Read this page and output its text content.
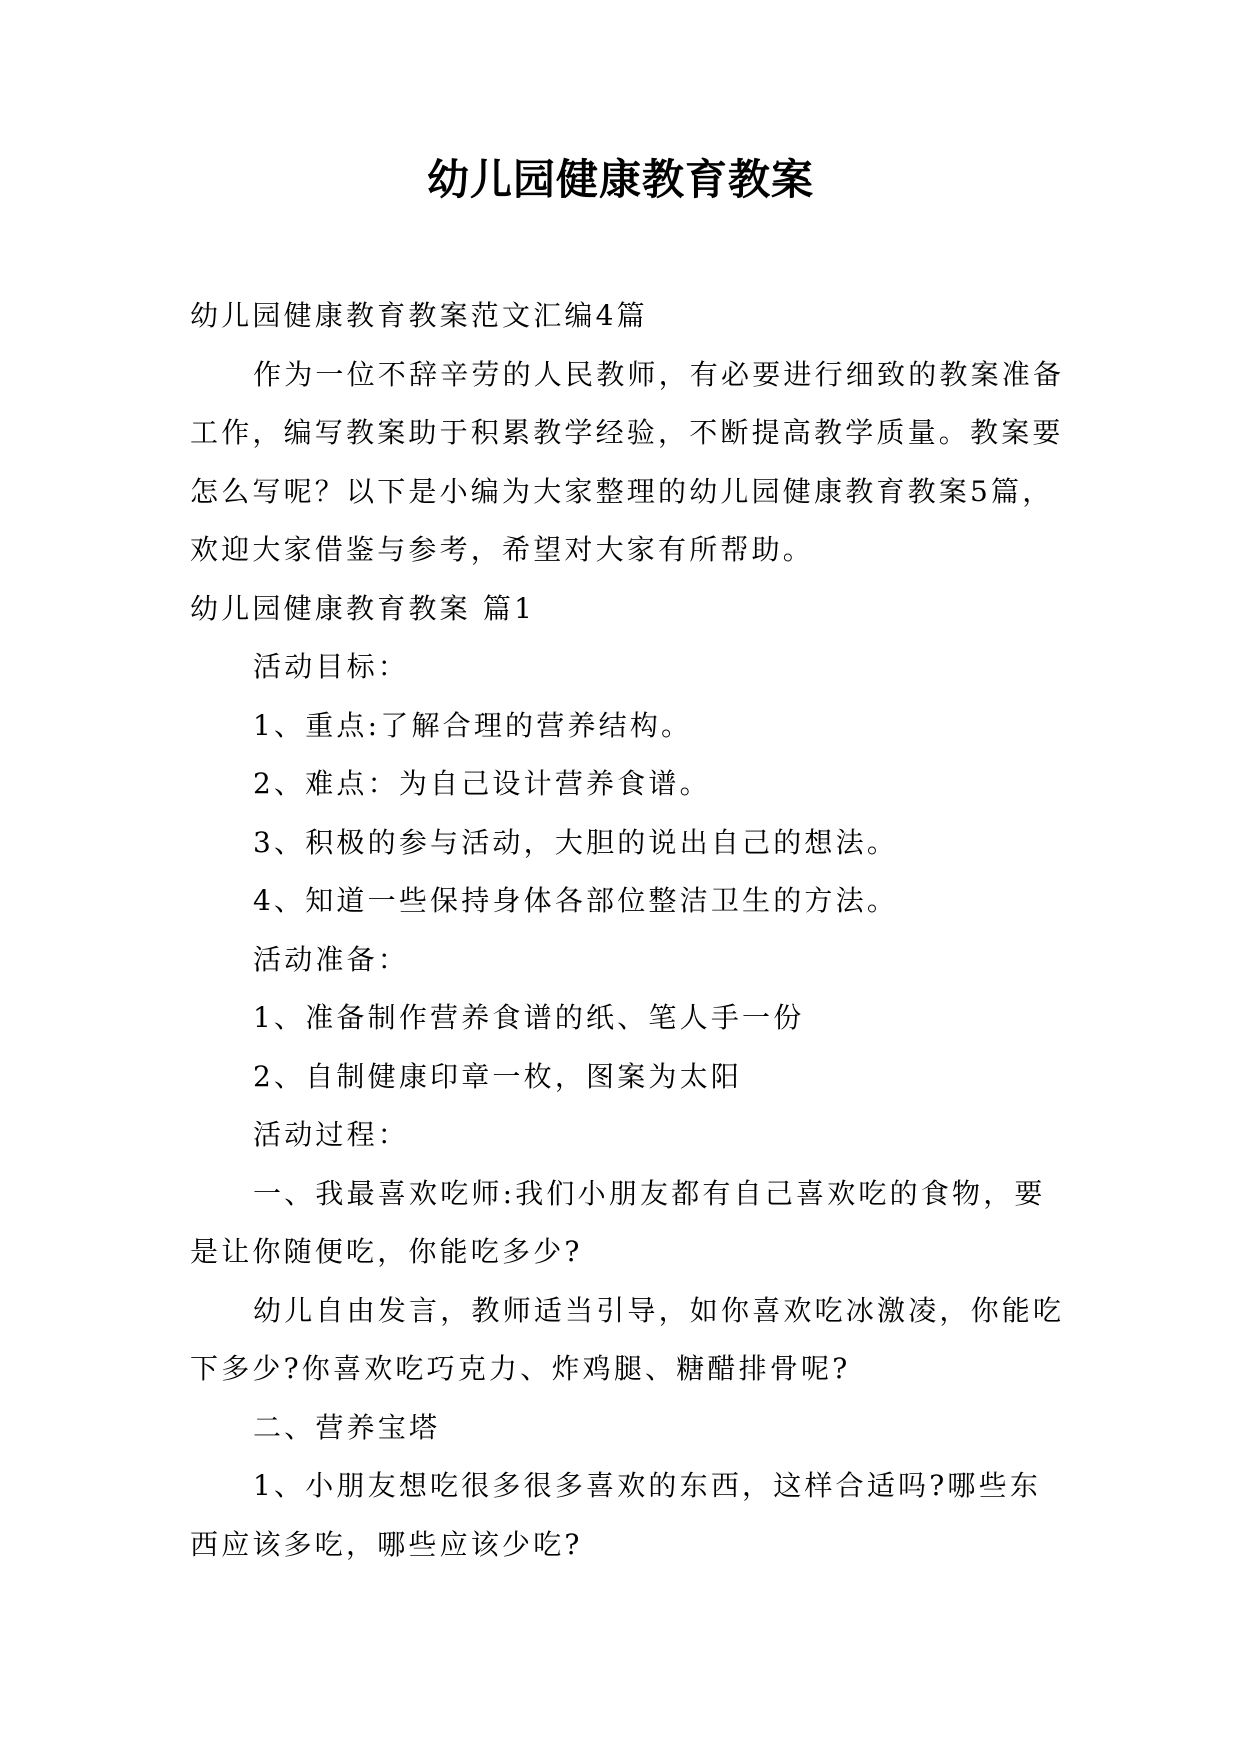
幼儿园健康教育教案

幼儿园健康教育教案范文汇编4篇

作为一位不辞辛劳的人民教师，有必要进行细致的教案准备工作，编写教案助于积累教学经验，不断提高教学质量。教案要怎么写呢？以下是小编为大家整理的幼儿园健康教育教案5篇，欢迎大家借鉴与参考，希望对大家有所帮助。

幼儿园健康教育教案 篇1

活动目标：

1、重点:了解合理的营养结构。

2、难点：为自己设计营养食谱。

3、积极的参与活动，大胆的说出自己的想法。

4、知道一些保持身体各部位整洁卫生的方法。

活动准备：

1、准备制作营养食谱的纸、笔人手一份

2、自制健康印章一枚，图案为太阳

活动过程：

一、我最喜欢吃师:我们小朋友都有自己喜欢吃的食物，要是让你随便吃，你能吃多少?

幼儿自由发言，教师适当引导，如你喜欢吃冰激凌，你能吃下多少?你喜欢吃巧克力、炸鸡腿、糖醋排骨呢?

二、营养宝塔

1、小朋友想吃很多很多喜欢的东西，这样合适吗?哪些东西应该多吃，哪些应该少吃?
